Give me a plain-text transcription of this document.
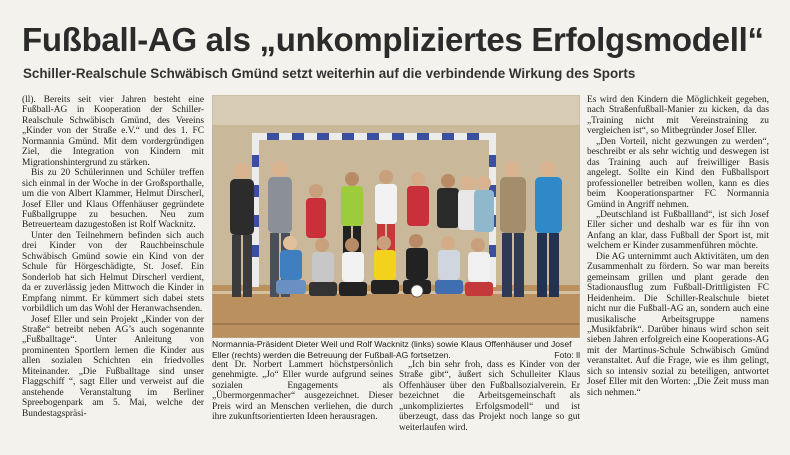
Fußball-AG als „unkompliziertes Erfolgsmodell“
Schiller-Realschule Schwäbisch Gmünd setzt weiterhin auf die verbindende Wirkung des Sports

(ll). Bereits seit vier Jahren besteht eine Fußball-AG in Kooperation der Schiller-Realschule Schwäbisch Gmünd, des Vereins „Kinder von der Straße e.V.“ und des 1. FC Normannia Gmünd. Mit dem vordergründigen Ziel, die Integration von Kindern mit Migrationshintergrund zu stärken.

Bis zu 20 Schülerinnen und Schüler treffen sich einmal in der Woche in der Großsporthalle, um die von Albert Klammer, Helmut Dirscherl, Josef Eller und Klaus Offenhäuser gegründete Fußballgruppe zu besuchen. Neu zum Betreuerteam dazugestoßen ist Rolf Wacknitz.

Unter den Teilnehmern befinden sich auch drei Kinder von der Rauchbeinschule Schwäbisch Gmünd sowie ein Kind von der Schule für Hörgeschädigte, St. Josef. Ein Sonderlob hat sich Helmut Dirscherl verdient, da er zuverlässig jeden Mittwoch die Kinder in Empfang nimmt. Er kümmert sich dabei stets vorbildlich um das Wohl der Heranwachsenden.

Josef Eller und sein Projekt „Kinder von der Straße“ betreibt neben AG’s auch sogenannte „Fußballtage“. Unter Anleitung von prominenten Sportlern lernen die Kinder aus allen sozialen Schichten ein friedvolles Miteinander. „Die Fußballtage sind unser Flaggschiff “, sagt Eller und verweist auf die anstehende Veranstaltung im Berliner Spreebogenpark am 5. Mai, welche der Bundestagspräsi-

Normannia-Präsident Dieter Weil und Rolf Wacknitz (links) sowie Klaus Offenhäuser und Josef Eller (rechts) werden die Betreuung der Fußball-AG fortsetzen.	Foto: ll

dent Dr. Norbert Lammert höchstpersönlich genehmigte. „Jo“ Eller wurde aufgrund seines sozialen Engagements als „Übermorgenmacher“ ausgezeichnet. Dieser Preis wird an Menschen verliehen, die durch ihre zukunftsorientierten Ideen herausragen.

„Ich bin sehr froh, dass es Kinder von der Straße gibt“, äußert sich Schulleiter Klaus Offenhäuser über den Fußballsozialverein. Er bezeichnet die Arbeitsgemeinschaft als „unkompliziertes Erfolgsmodell“ und ist überzeugt, dass das Projekt noch lange so gut weiterlaufen wird.

Es wird den Kindern die Möglichkeit gegeben, nach Straßenfußball-Manier zu kicken, da das „Training nicht mit Vereinstraining zu vergleichen ist“, so Mitbegründer Josef Eller.

„Den Vorteil, nicht gezwungen zu werden“, beschreibt er als sehr wichtig und deswegen ist das Training auch auf freiwilliger Basis angelegt. Sollte ein Kind den Fußballsport professioneller betreiben wollen, kann es dies beim Kooperationspartner FC Normannia Gmünd in Angriff nehmen.

„Deutschland ist Fußballland“, ist sich Josef Eller sicher und deshalb war es für ihn von Anfang an klar, dass Fußball der Sport ist, mit welchem er Kinder zusammenführen möchte.

Die AG unternimmt auch Aktivitäten, um den Zusammenhalt zu fördern. So war man bereits gemeinsam grillen und plant gerade den Stadionausflug zum Fußball-Drittligisten FC Heidenheim. Die Schiller-Realschule bietet nicht nur die Fußball-AG an, sondern auch eine musikalische Arbeitsgruppe namens „Musikfabrik“. Darüber hinaus wird schon seit sieben Jahren erfolgreich eine Kooperations-AG mit der Martinus-Schule Schwäbisch Gmünd veranstaltet. Auf die Frage, wie es ihm gelingt, sich so intensiv sozial zu beteiligen, antwortet Josef Eller mit den Worten: „Die Zeit muss man sich nehmen.“
